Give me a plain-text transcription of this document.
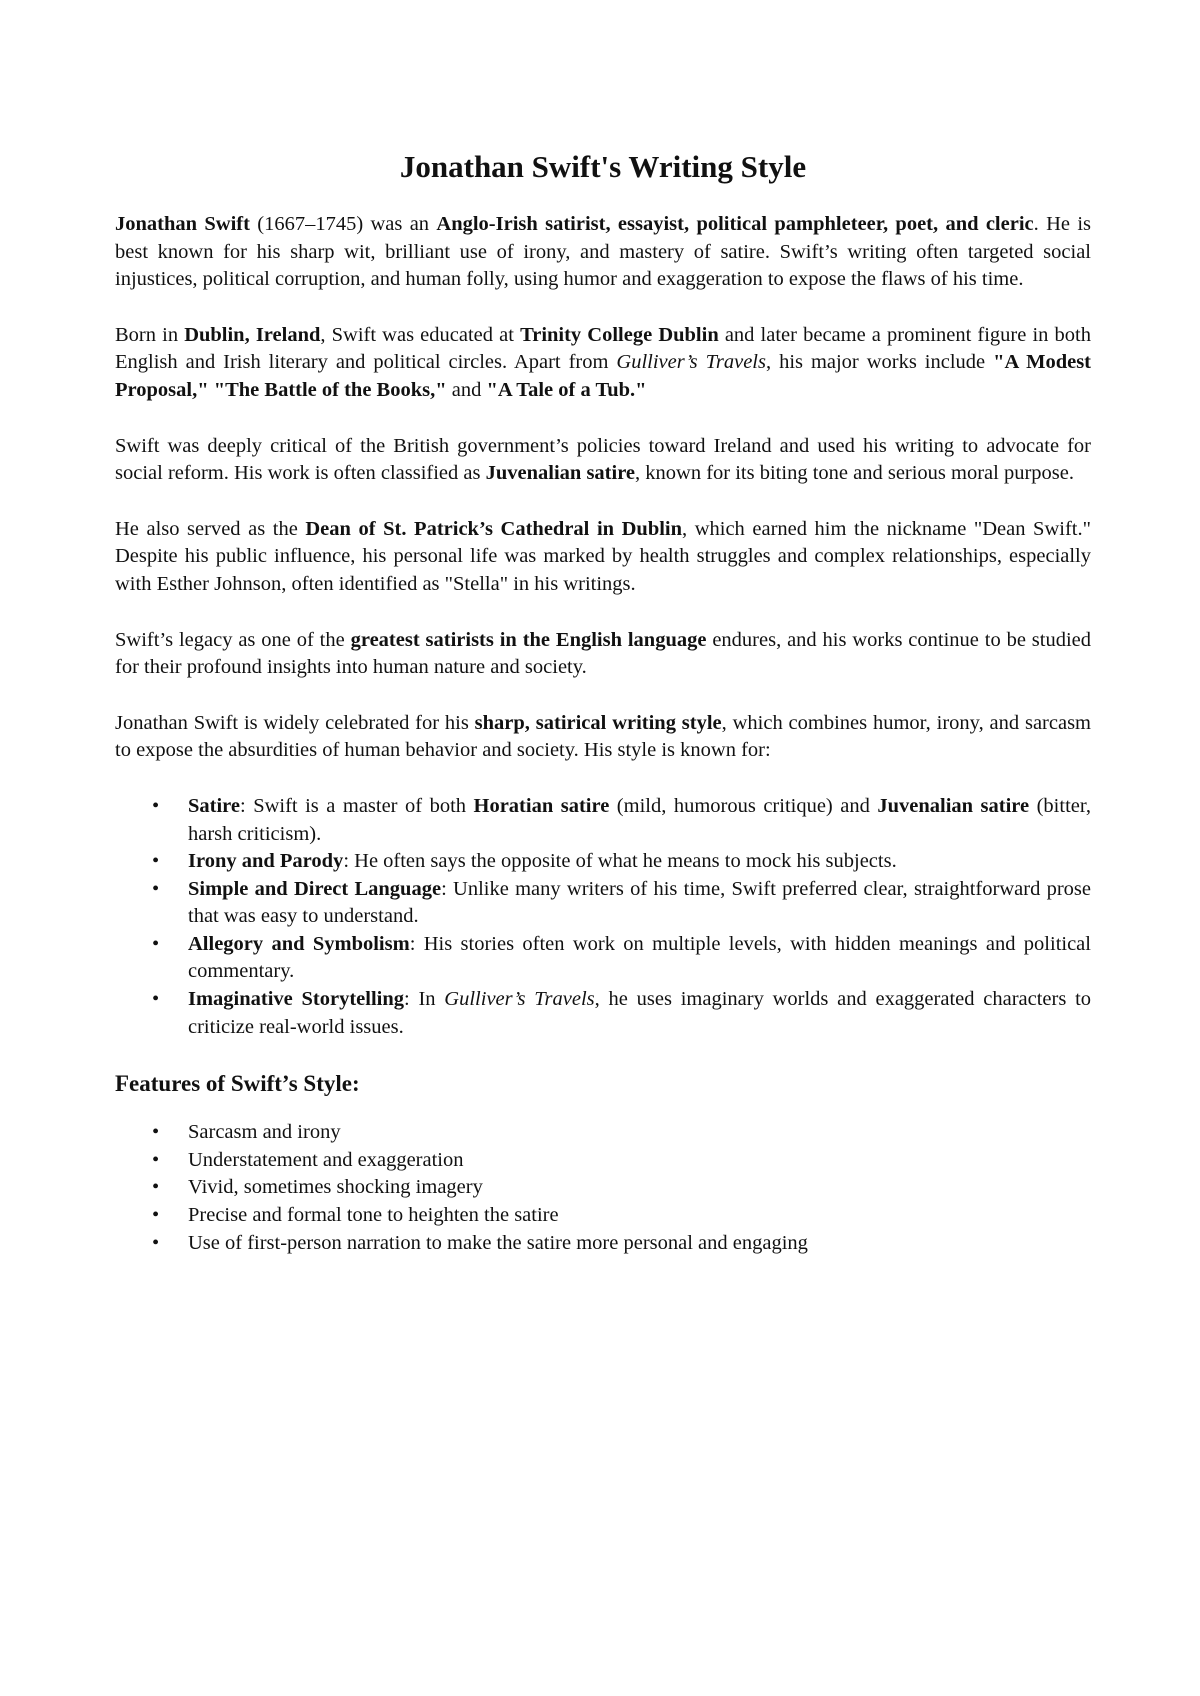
Jonathan Swift's Writing Style

Jonathan Swift (1667–1745) was an Anglo-Irish satirist, essayist, political pamphleteer, poet, and cleric. He is best known for his sharp wit, brilliant use of irony, and mastery of satire. Swift’s writing often targeted social injustices, political corruption, and human folly, using humor and exaggeration to expose the flaws of his time.

Born in Dublin, Ireland, Swift was educated at Trinity College Dublin and later became a prominent figure in both English and Irish literary and political circles. Apart from Gulliver’s Travels, his major works include "A Modest Proposal," "The Battle of the Books," and "A Tale of a Tub."

Swift was deeply critical of the British government’s policies toward Ireland and used his writing to advocate for social reform. His work is often classified as Juvenalian satire, known for its biting tone and serious moral purpose.

He also served as the Dean of St. Patrick’s Cathedral in Dublin, which earned him the nickname "Dean Swift." Despite his public influence, his personal life was marked by health struggles and complex relationships, especially with Esther Johnson, often identified as "Stella" in his writings.

Swift’s legacy as one of the greatest satirists in the English language endures, and his works continue to be studied for their profound insights into human nature and society.

Jonathan Swift is widely celebrated for his sharp, satirical writing style, which combines humor, irony, and sarcasm to expose the absurdities of human behavior and society. His style is known for:

• Satire: Swift is a master of both Horatian satire (mild, humorous critique) and Juvenalian satire (bitter, harsh criticism).
• Irony and Parody: He often says the opposite of what he means to mock his subjects.
• Simple and Direct Language: Unlike many writers of his time, Swift preferred clear, straightforward prose that was easy to understand.
• Allegory and Symbolism: His stories often work on multiple levels, with hidden meanings and political commentary.
• Imaginative Storytelling: In Gulliver’s Travels, he uses imaginary worlds and exaggerated characters to criticize real-world issues.
Features of Swift’s Style:
• Sarcasm and irony
• Understatement and exaggeration
• Vivid, sometimes shocking imagery
• Precise and formal tone to heighten the satire
• Use of first-person narration to make the satire more personal and engaging
